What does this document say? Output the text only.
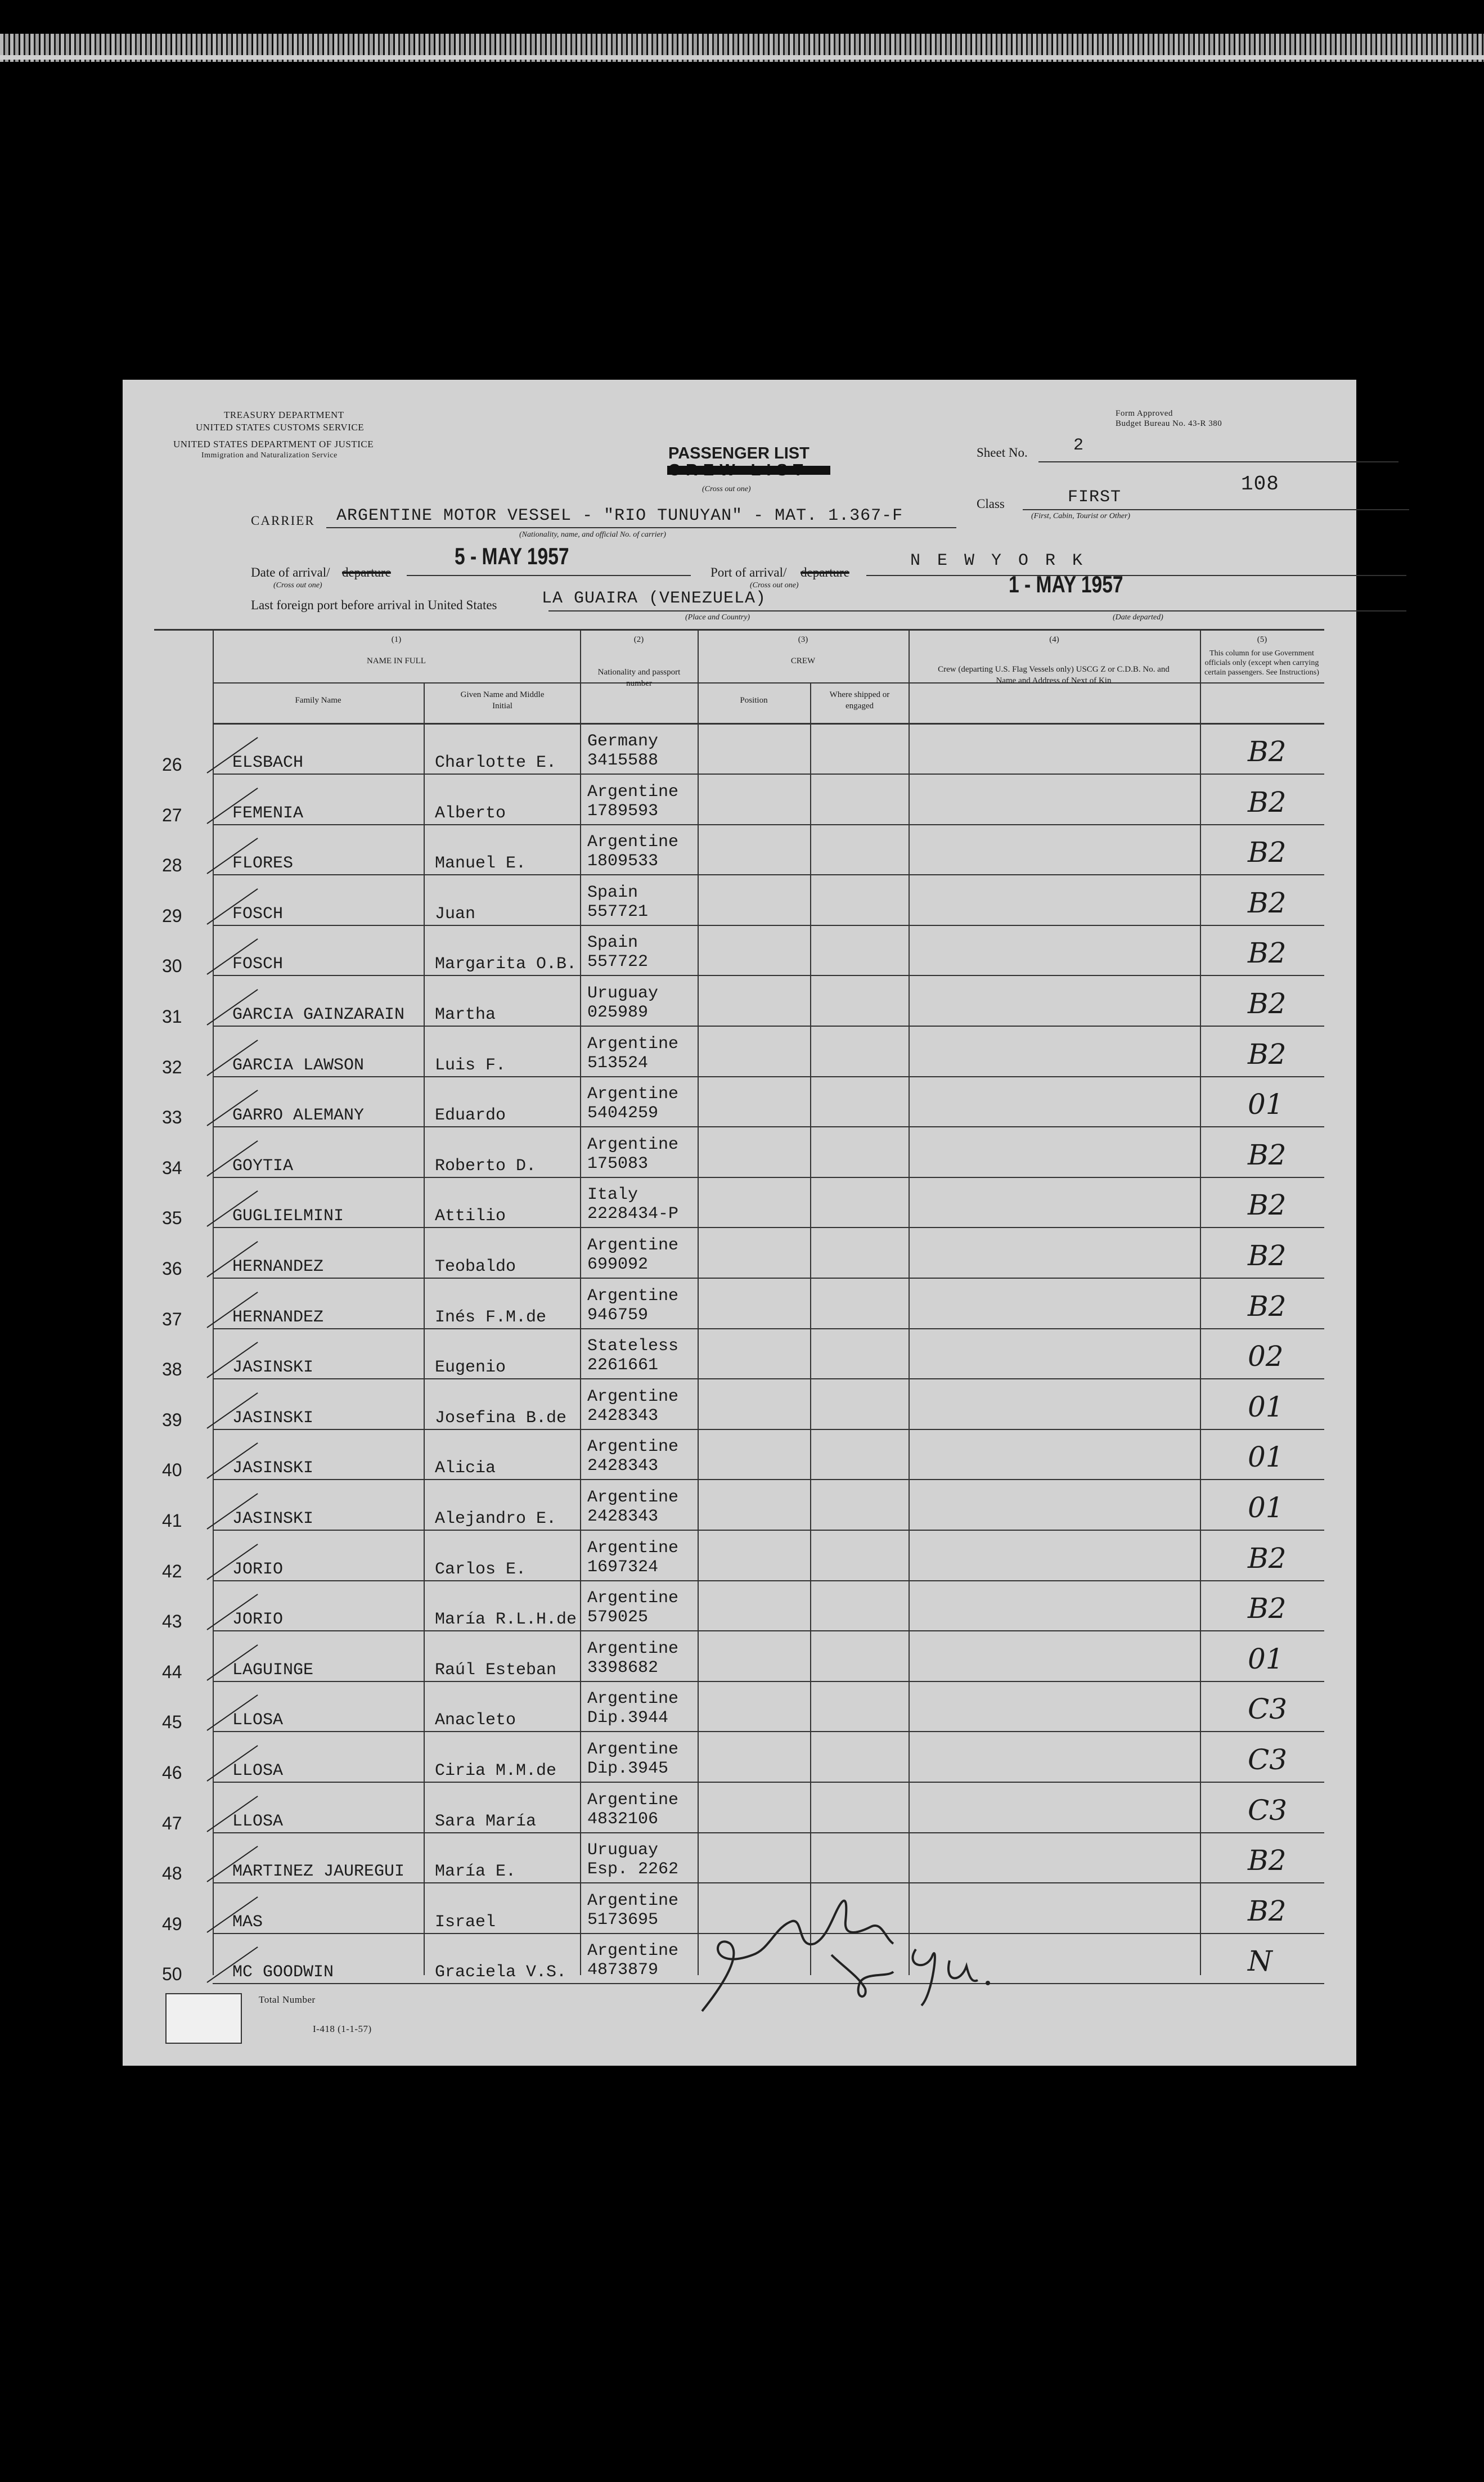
TREASURY DEPARTMENT
UNITED STATES CUSTOMS SERVICE
UNITED STATES DEPARTMENT OF JUSTICE
Immigration and Naturalization Service
Form Approved
Budget Bureau No. 43-R 380
PASSENGER LIST
(Cross out one)
Sheet No.	2
Class	FIRST
108
(First, Cabin, Tourist or Other)
CARRIER ARGENTINE MOTOR VESSEL - "RIO TUNUYAN" - MAT. 1.367-F
(Nationality, name, and official No. of carrier)
Date of arrival/ departure
(Cross out one)
5 - MAY 1957
Port of arrival/ departure
(Cross out one)
N E W Y O R K
Last foreign port before arrival in United States	LA GUAIRA (VENEZUELA)
(Place and Country)
1 - MAY 1957
(Date departed)
(1)
NAME IN FULL
Family Name
Given Name and Middle Initial
(2)
Nationality and passport number
(3)
CREW
Position
Where shipped or engaged
(4)
Crew (departing U.S. Flag Vessels only) USCG Z or C.D.B. No. and Name and Address of Next of Kin
(5)
This column for use Government officials only (except when carrying certain passengers. See Instructions)
26	ELSBACH	Charlotte E.
Germany
3415588	B2
27	FEMENIA	Alberto
Argentine
1789593	B2
28	FLORES	Manuel E.
Argentine
1809533	B2
29	FOSCH	Juan
Spain
557721	B2
30	FOSCH	Margarita O.B.
Spain
557722	B2
31	GARCIA GAINZARAIN Martha
Uruguay
025989	B2
32	GARCIA LAWSON	Luis F.
Argentine
513524	B2
33	GARRO ALEMANY	Eduardo
Argentine
5404259	01
34	GOYTIA	Roberto D.
Argentine
175083	B2
35	GUGLIELMINI	Attilio
Italy
2228434-P	B2
36	HERNANDEZ	Teobaldo
Argentine
699092	B2
37	HERNANDEZ	Inés F.M.de
Argentine
946759	B2
38	JASINSKI	Eugenio
Stateless
2261661	02
39	JASINSKI	Josefina B.de
Argentine
2428343	01
40	JASINSKI	Alicia
Argentine
2428343	01
41	JASINSKI	Alejandro E.
Argentine
2428343	01
42	JORIO	Carlos E.
Argentine
1697324	B2
43	JORIO	María R.L.H.de
Argentine
579025	B2
44	LAGUINGE	Raúl Esteban
Argentine
3398682	01
45	LLOSA	Anacleto
Argentine
Dip.3944	C3
46	LLOSA	Ciria M.M.de
Argentine
Dip.3945	C3
47	LLOSA	Sara María
Argentine
4832106	C3
48	MARTINEZ JAUREGUI María E.
Uruguay
Esp. 2262	B2
49	MAS	Israel
Argentine
5173695	B2
50	MC GOODWIN	Graciela V.S.
Argentine
4873879	N
Total Number
I-418 (1-1-57)
